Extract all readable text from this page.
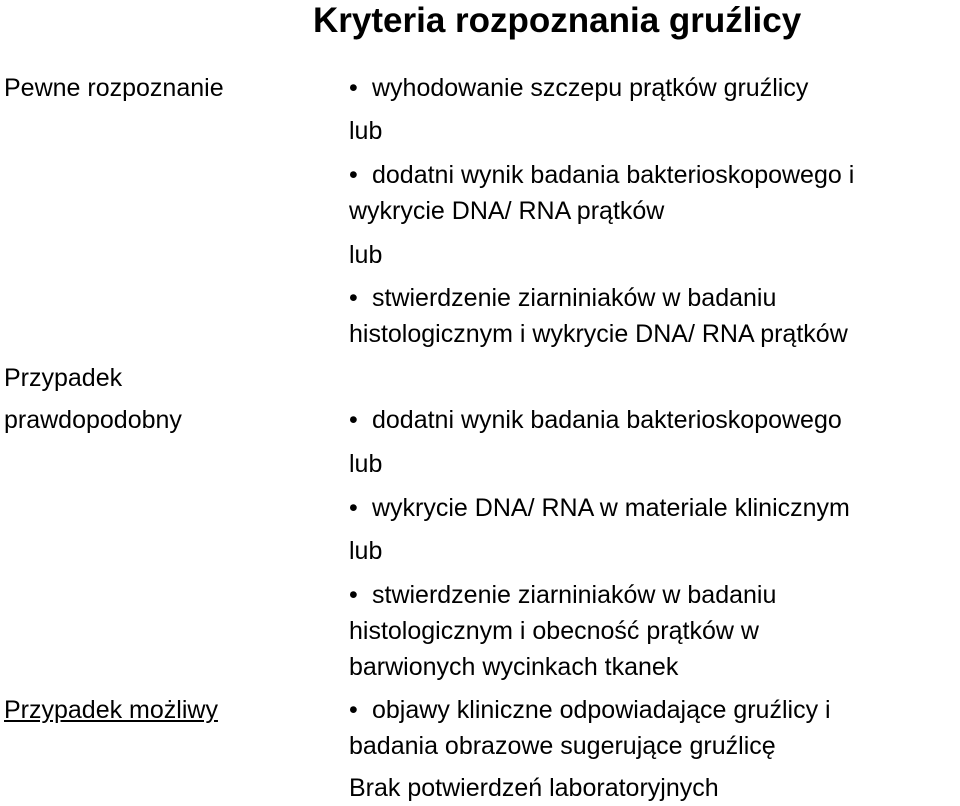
Kryteria rozpoznania gruźlicy
Pewne rozpoznanie
Przypadek
prawdopodobny
Przypadek możliwy
• wyhodowanie szczepu prątków gruźlicy
lub
• dodatni wynik badania bakterioskopowego i
wykrycie DNA/ RNA prątków
lub
• stwierdzenie ziarniniaków w badaniu
histologicznym i wykrycie DNA/ RNA prątków
• dodatni wynik badania bakterioskopowego
lub
• wykrycie DNA/ RNA w materiale klinicznym
lub
• stwierdzenie ziarniniaków w badaniu
histologicznym i obecność prątków w
barwionych wycinkach tkanek
• objawy kliniczne odpowiadające gruźlicy i
badania obrazowe sugerujące gruźlicę
Brak potwierdzeń laboratoryjnych
